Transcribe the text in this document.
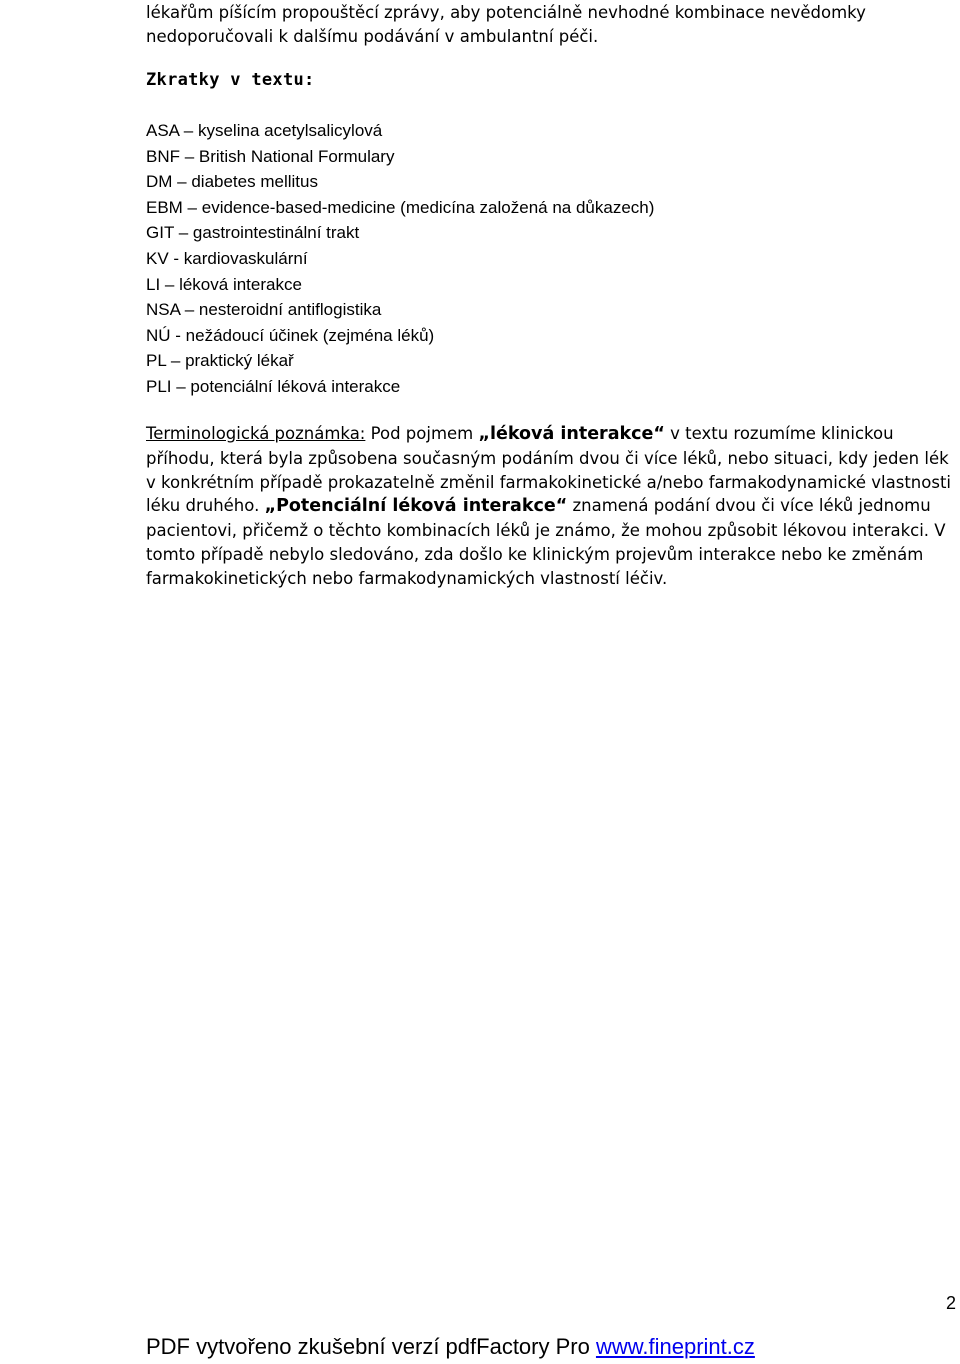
lékařům píšícím propouštěcí zprávy, aby potenciálně nevhodné kombinace nevědomky
nedoporučovali k dalšímu podávání v ambulantní péči.

Zkratky v textu:
ASA – kyselina acetylsalicylová
BNF – British National Formulary
DM – diabetes mellitus
EBM – evidence-based-medicine (medicína založená na důkazech)
GIT – gastrointestinální trakt
KV - kardiovaskulární
LI – léková interakce
NSA – nesteroidní antiflogistika
NÚ - nežádoucí účinek (zejména léků)
PL – praktický lékař
PLI – potenciální léková interakce

Terminologická poznámka: Pod pojmem „léková interakce“ v textu rozumíme klinickou příhodu, která byla způsobena současným podáním dvou či více léků, nebo situaci, kdy jeden lék v konkrétním případě prokazatelně změnil farmakokinetické a/nebo farmakodynamické vlastnosti léku druhého. „Potenciální léková interakce“ znamená podání dvou či více léků jednomu pacientovi, přičemž o těchto kombinacích léků je známo, že mohou způsobit lékovou interakci. V tomto případě nebylo sledováno, zda došlo ke klinickým projevům interakce nebo ke změnám farmakokinetických nebo farmakodynamických vlastností léčiv.

PDF vytvořeno zkušební verzí pdfFactory Pro www.fineprint.cz
2
